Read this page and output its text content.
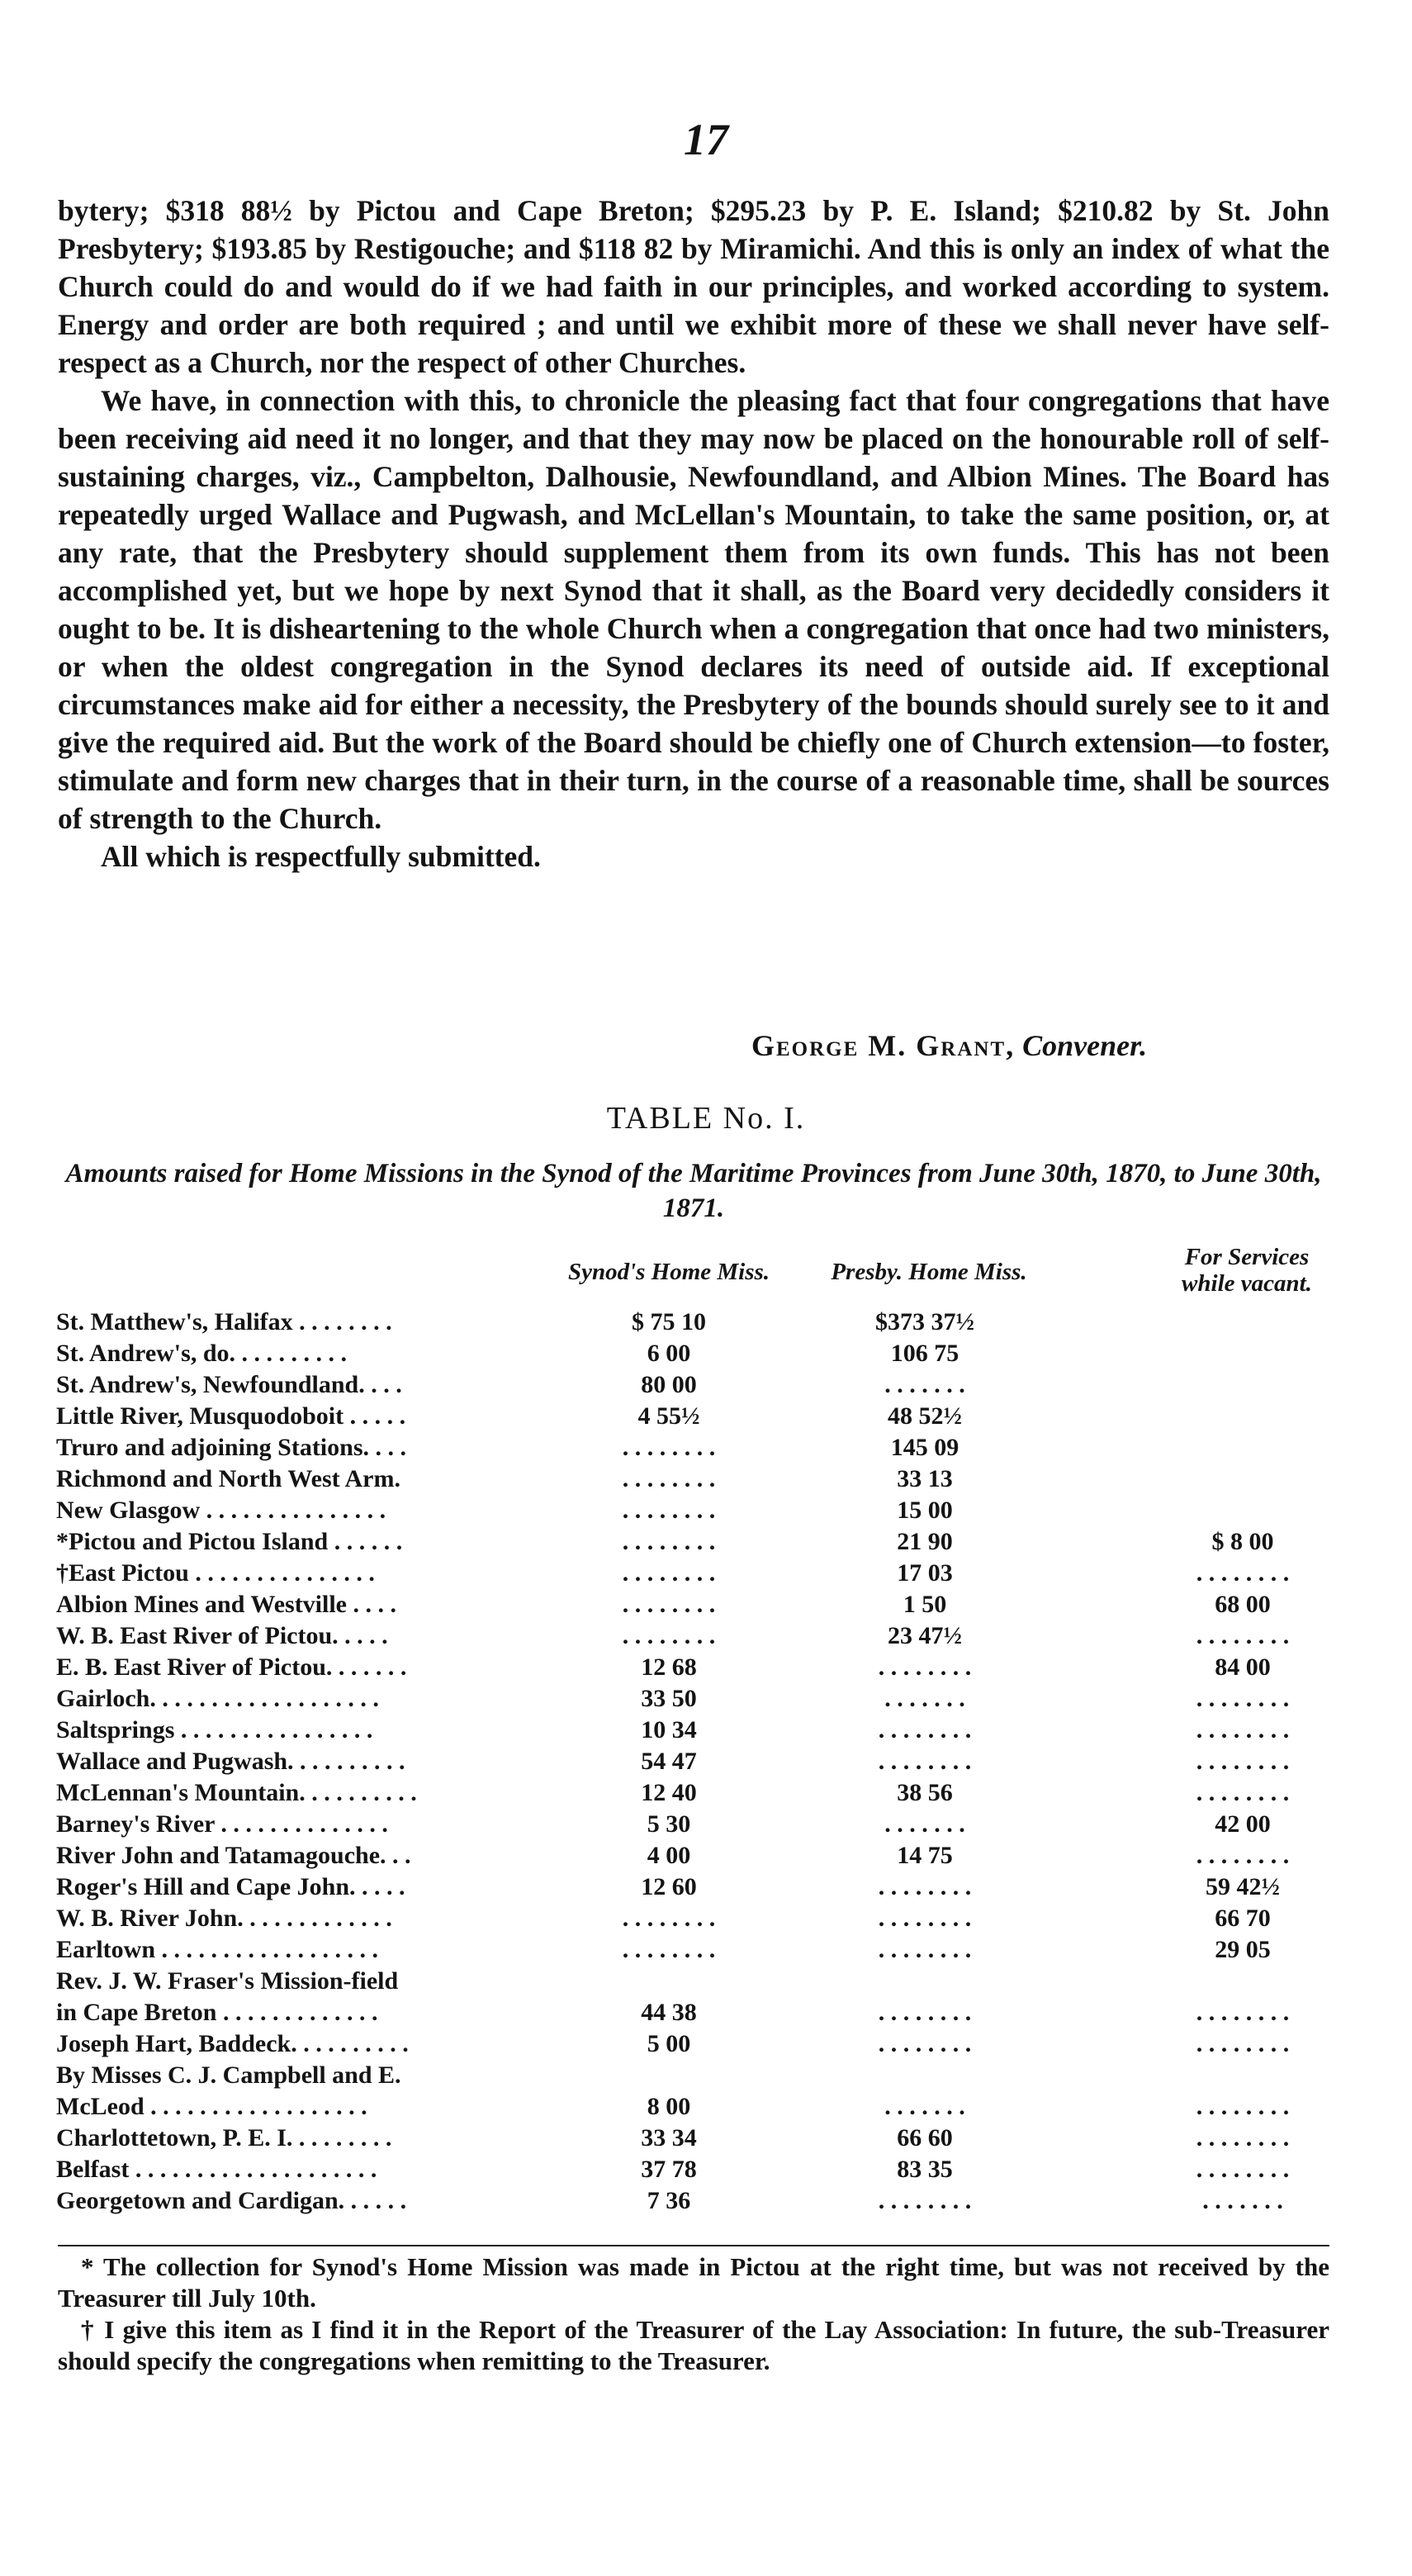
17

bytery; $318 88½ by Pictou and Cape Breton; $295.23 by P. E. Island; $210.82 by St. John Presbytery; $193.85 by Restigouche; and $118 82 by Miramichi. And this is only an index of what the Church could do and would do if we had faith in our principles, and worked according to system. Energy and order are both required ; and until we exhibit more of these we shall never have self-respect as a Church, nor the respect of other Churches.

We have, in connection with this, to chronicle the pleasing fact that four congregations that have been receiving aid need it no longer, and that they may now be placed on the honourable roll of self-sustaining charges, viz., Campbelton, Dalhousie, Newfoundland, and Albion Mines. The Board has repeatedly urged Wallace and Pugwash, and McLellan's Mountain, to take the same position, or, at any rate, that the Presbytery should supplement them from its own funds. This has not been accomplished yet, but we hope by next Synod that it shall, as the Board very decidedly considers it ought to be. It is disheartening to the whole Church when a congregation that once had two ministers, or when the oldest congregation in the Synod declares its need of outside aid. If exceptional circumstances make aid for either a necessity, the Presbytery of the bounds should surely see to it and give the required aid. But the work of the Board should be chiefly one of Church extension—to foster, stimulate and form new charges that in their turn, in the course of a reasonable time, shall be sources of strength to the Church.

All which is respectfully submitted.

George M. Grant, Convener.
TABLE No. I.
Amounts raised for Home Missions in the Synod of the Maritime Provinces from June 30th, 1870, to June 30th, 1871.
Synod's Home Miss.	Presby. Home Miss.
For Services
while vacant.
St. Matthew's, Halifax . . . . . . . .	$ 75 10	$373 37½
St. Andrew's, do. . . . . . . . . .	6 00	106 75
St. Andrew's, Newfoundland. . . .	80 00	. . . . . . .
Little River, Musquodoboit . . . . .	4 55½	48 52½
Truro and adjoining Stations. . . .	. . . . . . . .	145 09
Richmond and North West Arm.	. . . . . . . .	33 13
New Glasgow . . . . . . . . . . . . . . .	. . . . . . . .	15 00
*Pictou and Pictou Island . . . . . .	. . . . . . . .	21 90	$ 8 00
†East Pictou . . . . . . . . . . . . . . .	. . . . . . . .	17 03	. . . . . . . .
Albion Mines and Westville . . . .	. . . . . . . .	1 50	68 00
W. B. East River of Pictou. . . . .	. . . . . . . .	23 47½	. . . . . . . .
E. B. East River of Pictou. . . . . . .	12 68	. . . . . . . .	84 00
Gairloch. . . . . . . . . . . . . . . . . . .	33 50	. . . . . . .	. . . . . . . .
Saltsprings . . . . . . . . . . . . . . . .	10 34	. . . . . . . .	. . . . . . . .
Wallace and Pugwash. . . . . . . . . .	54 47	. . . . . . . .	. . . . . . . .
McLennan's Mountain. . . . . . . . . .	12 40	38 56	. . . . . . . .
Barney's River . . . . . . . . . . . . . .	5 30	. . . . . . .	42 00
River John and Tatamagouche. . .	4 00	14 75	. . . . . . . .
Roger's Hill and Cape John. . . . .	12 60	. . . . . . . .	59 42½
W. B. River John. . . . . . . . . . . . .	. . . . . . . .	. . . . . . . .	66 70
Earltown . . . . . . . . . . . . . . . . . .	. . . . . . . .	. . . . . . . .	29 05
Rev. J. W. Fraser's Mission-field
in Cape Breton . . . . . . . . . . . . .	44 38	. . . . . . . .	. . . . . . . .
Joseph Hart, Baddeck. . . . . . . . . .	5 00	. . . . . . . .	. . . . . . . .
By Misses C. J. Campbell and E.
McLeod . . . . . . . . . . . . . . . . . .	8 00	. . . . . . .	. . . . . . . .
Charlottetown, P. E. I. . . . . . . . .	33 34	66 60	. . . . . . . .
Belfast . . . . . . . . . . . . . . . . . . . .	37 78	83 35	. . . . . . . .
Georgetown and Cardigan. . . . . .	7 36	. . . . . . . .	. . . . . . .

* The collection for Synod's Home Mission was made in Pictou at the right time, but was not received by the Treasurer till July 10th.

† I give this item as I find it in the Report of the Treasurer of the Lay Association: In future, the sub-Treasurer should specify the congregations when remitting to the Treasurer.
